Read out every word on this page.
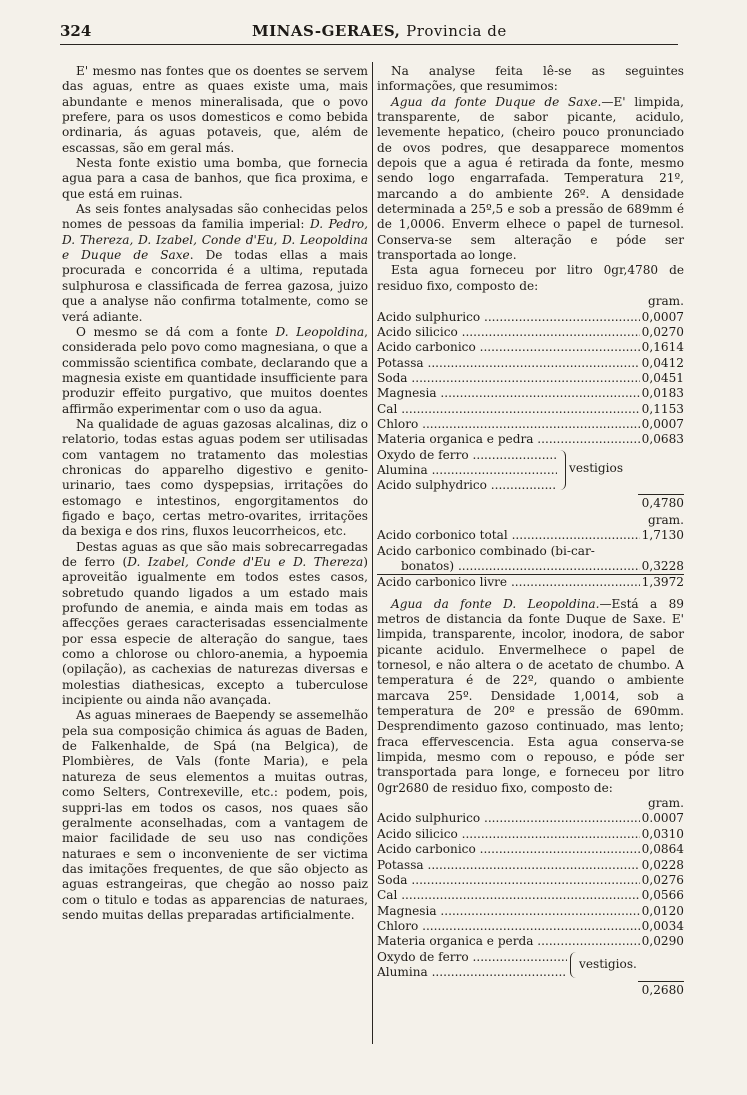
324	MINAS-GERAES, Provincia de

E' mesmo nas fontes que os doentes se servem das aguas, entre as quaes existe uma, mais abundante e menos mineralisada, que o povo prefere, para os usos domesticos e como bebida ordinaria, ás aguas potaveis, que, além de escassas, são em geral más.

Nesta fonte existio uma bomba, que fornecia agua para a casa de banhos, que fica proxima, e que está em ruinas.

As seis fontes analysadas são conhecidas pelos nomes de pessoas da familia imperial: D. Pedro, D. Thereza, D. Izabel, Conde d'Eu, D. Leopoldina e Duque de Saxe. De todas ellas a mais procurada e concorrida é a ultima, reputada sulphurosa e classificada de ferrea gazosa, juizo que a analyse não confirma totalmente, como se verá adiante.

O mesmo se dá com a fonte D. Leopoldina, considerada pelo povo como magnesiana, o que a commissão scientifica combate, declarando que a magnesia existe em quantidade insufficiente para produzir effeito purgativo, que muitos doentes affirmão experimentar com o uso da agua.

Na qualidade de aguas gazosas alcalinas, diz o relatorio, todas estas aguas podem ser utilisadas com vantagem no tratamento das molestias chronicas do apparelho digestivo e genito-urinario, taes como dyspepsias, irritações do estomago e intestinos, engorgitamentos do figado e baço, certas metro-ovarites, irritações da bexiga e dos rins, fluxos leucorrheicos, etc.

Destas aguas as que são mais sobrecarregadas de ferro (D. Izabel, Conde d'Eu e D. Thereza) aproveitão igualmente em todos estes casos, sobretudo quando ligados a um estado mais profundo de anemia, e ainda mais em todas as affecções geraes caracterisadas essencialmente por essa especie de alteração do sangue, taes como a chlorose ou chloro-anemia, a hypoemia (opilação), as cachexias de naturezas diversas e molestias diathesicas, excepto a tuberculose incipiente ou ainda não avançada.

As aguas mineraes de Baependy se assemelhão pela sua composição chimica ás aguas de Baden, de Falkenhalde, de Spá (na Belgica), de Plombières, de Vals (fonte Maria), e pela natureza de seus elementos a muitas outras, como Selters, Contrexeville, etc.: podem, pois, suppri-las em todos os casos, nos quaes são geralmente aconselhadas, com a vantagem de maior facilidade de seu uso nas condições naturaes e sem o inconveniente de ser victima das imitações frequentes, de que são objecto as aguas estrangeiras, que chegão ao nosso paiz com o titulo e todas as apparencias de naturaes, sendo muitas dellas preparadas artificialmente.

Na analyse feita lê-se as seguintes informações, que resumimos:

Agua da fonte Duque de Saxe.—E' limpida, transparente, de sabor picante, acidulo, levemente hepatico, (cheiro pouco pronunciado de ovos podres, que desapparece momentos depois que a agua é retirada da fonte, mesmo sendo logo engarrafada. Temperatura 21º, marcando a do ambiente 26º. A densidade determinada a 25º,5 e sob a pressão de 689mm é de 1,0006. Enverm elhece o papel de turnesol. Conserva-se sem alteração e póde ser transportada ao longe.

Esta agua forneceu por litro 0gr,4780 de residuo fixo, composto de:

gram.
Acido sulphurico .....	0,0007
Acido silicico .....	0,0270
Acido carbonico .....	0,1614
Potassa .....	0,0412
Soda .....	0,0451
Magnesia .....	0,0183
Cal .....	0,1153
Chloro .....	0,0007
Materia organica e pedra .....	0,0683
Oxydo de ferro .....
Alumina .....
Acido sulphydrico .....
vestigios
0,4780
gram.
Acido corbonico total .....	1,7130
Acido carbonico combinado (bi-car-
bonatos) .....	0,3228
Acido carbonico livre .....	1,3972

Agua da fonte D. Leopoldina.—Está a 89 metros de distancia da fonte Duque de Saxe. E' limpida, transparente, incolor, inodora, de sabor picante acidulo. Envermelhece o papel de tornesol, e não altera o de acetato de chumbo. A temperatura é de 22º, quando o ambiente marcava 25º. Densidade 1,0014, sob a temperatura de 20º e pressão de 690mm. Desprendimento gazoso continuado, mas lento; fraca effervescencia. Esta agua conserva-se limpida, mesmo com o repouso, e póde ser transportada para longe, e forneceu por litro 0gr2680 de residuo fixo, composto de:

gram.
Acido sulphurico .....	0.0007
Acido silicico .....	0,0310
Acido carbonico .....	0,0864
Potassa .....	0,0228
Soda .....	0,0276
Cal .....	0,0566
Magnesia .....	0,0120
Chloro .....	0,0034
Materia organica e perda .....	0,0290
Oxydo de ferro .....
Alumina .....
vestigios.
0,2680
